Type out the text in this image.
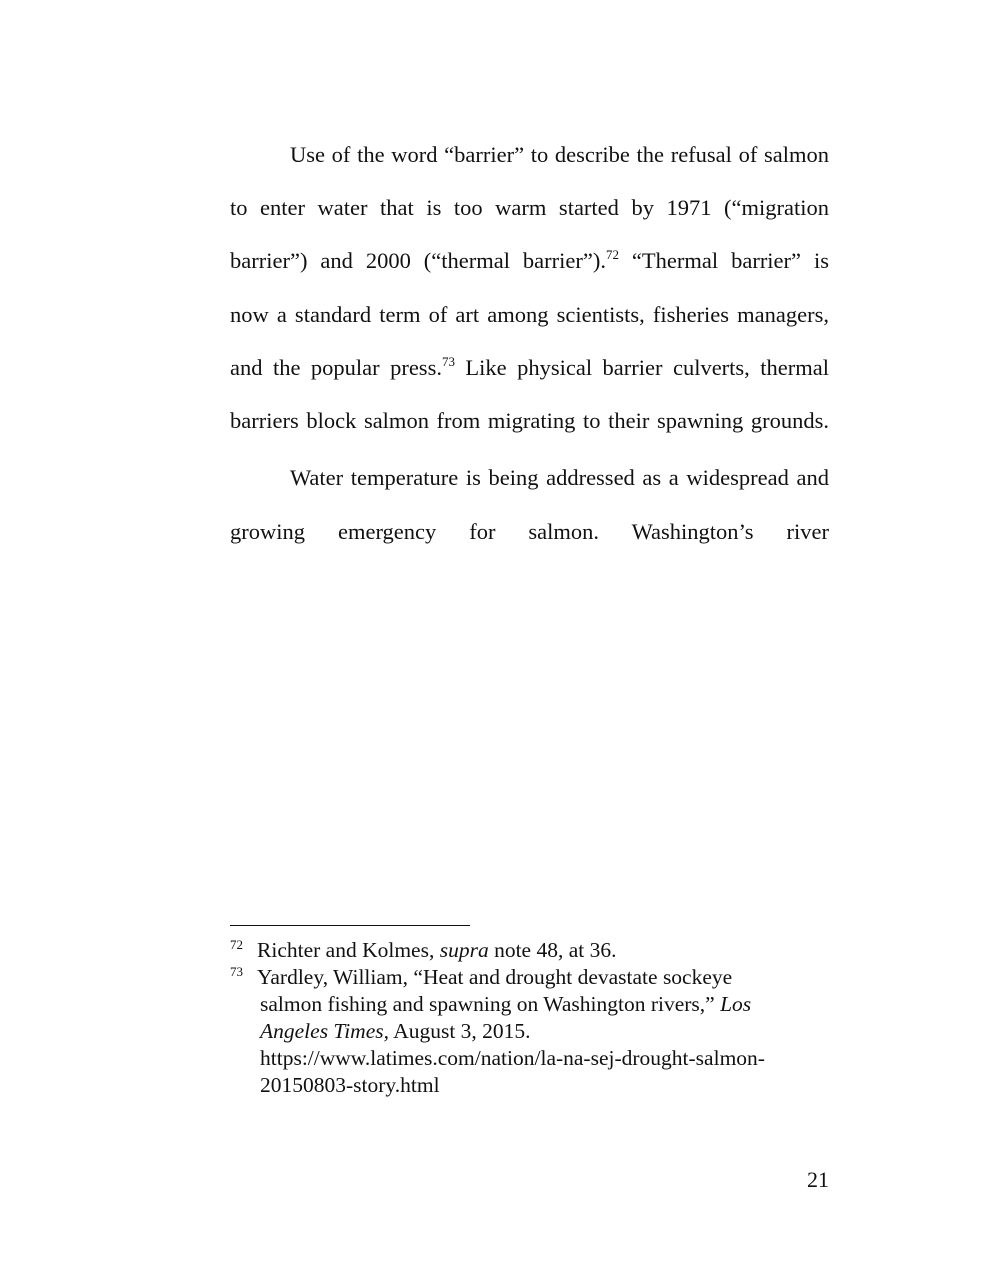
Use of the word “barrier” to describe the refusal of salmon
to enter water that is too warm started by 1971 (“migration
barrier”) and 2000 (“thermal barrier”).$^{72}$ “Thermal barrier” is
now a standard term of art among scientists, fisheries managers,
and the popular press.$^{73}$ Like physical barrier culverts, thermal
barriers block salmon from migrating to their spawning grounds.
Water temperature is being addressed as a widespread and
growing emergency for salmon. Washington’s river
72 Richter and Kolmes, supra note 48, at 36.
73 Yardley, William, “Heat and drought devastate sockeye
salmon fishing and spawning on Washington rivers,” Los
Angeles Times, August 3, 2015.
https://www.latimes.com/nation/la-na-sej-drought-salmon-
20150803-story.html
21
